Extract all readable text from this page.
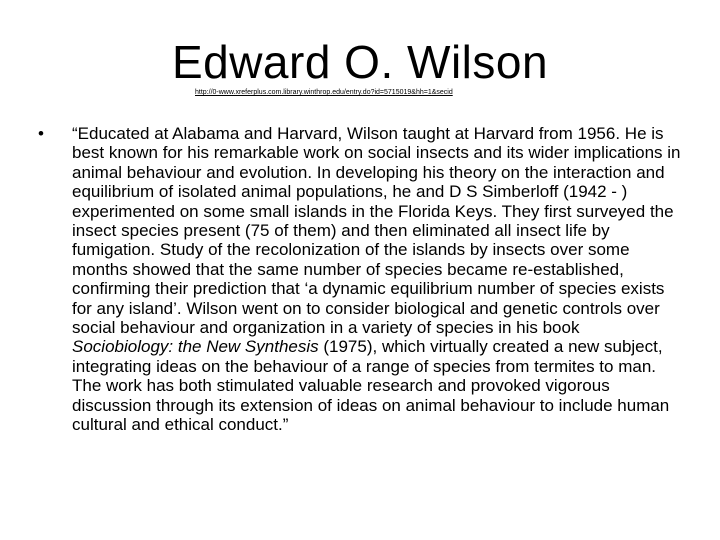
Edward O. Wilson
http://0-www.xreferplus.com.library.winthrop.edu/entry.do?id=5715019&hh=1&secid
•	“Educated at Alabama and Harvard, Wilson taught at Harvard from 1956. He is best known for his remarkable work on social insects and its wider implications in animal behaviour and evolution. In developing his theory on the interaction and equilibrium of isolated animal populations, he and D S Simberloff (1942 - ) experimented on some small islands in the Florida Keys. They first surveyed the insect species present (75 of them) and then eliminated all insect life by fumigation. Study of the recolonization of the islands by insects over some months showed that the same number of species became re-established, confirming their prediction that ‘a dynamic equilibrium number of species exists for any island’. Wilson went on to consider biological and genetic controls over social behaviour and organization in a variety of species in his book Sociobiology: the New Synthesis (1975), which virtually created a new subject, integrating ideas on the behaviour of a range of species from termites to man. The work has both stimulated valuable research and provoked vigorous discussion through its extension of ideas on animal behaviour to include human cultural and ethical conduct.”
